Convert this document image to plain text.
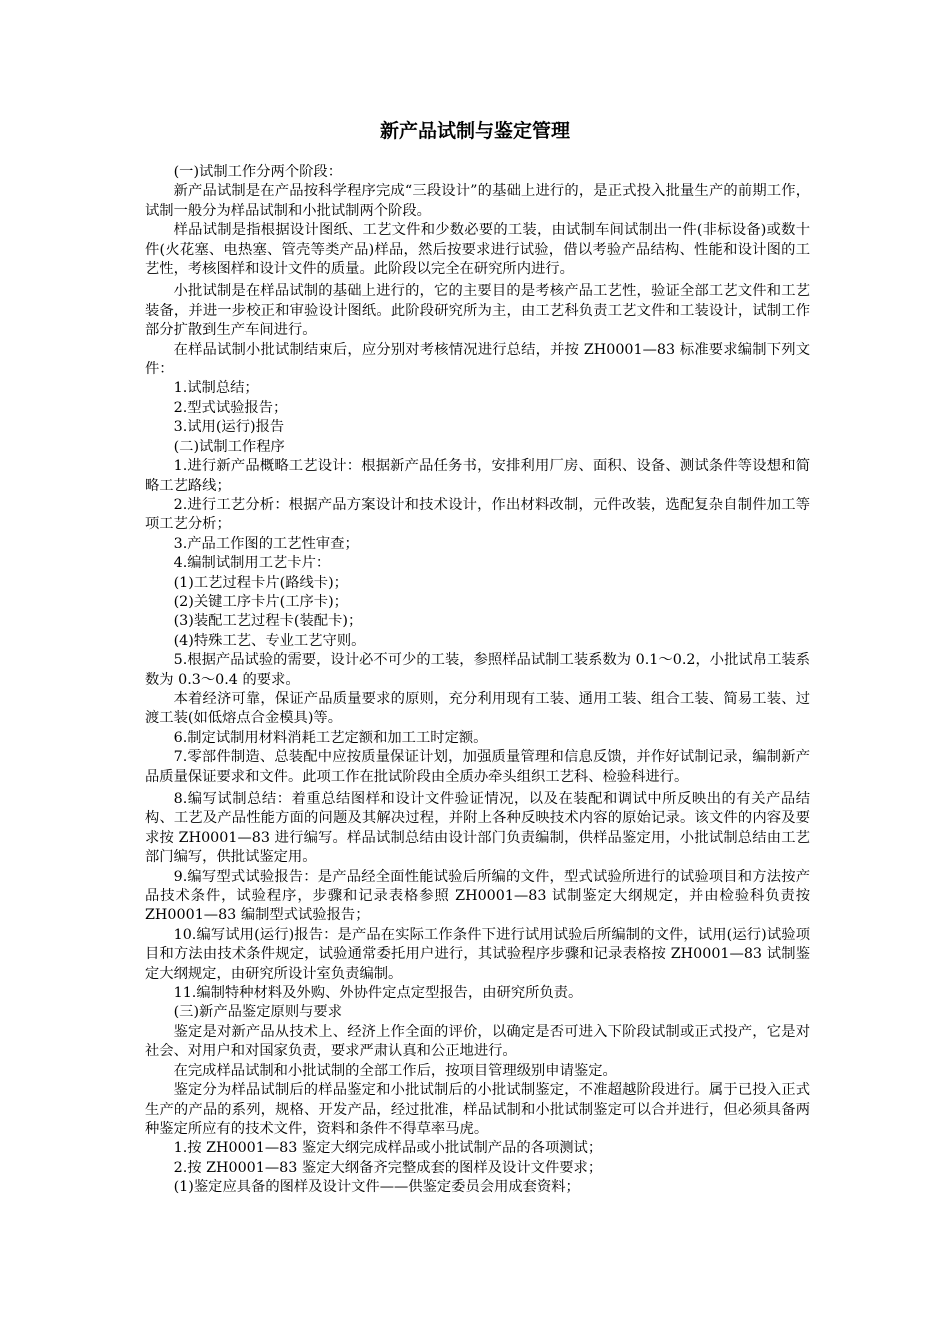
新产品试制与鉴定管理

(一)试制工作分两个阶段：

新产品试制是在产品按科学程序完成“三段设计”的基础上进行的，是正式投入批量生产的前期工作，试制一般分为样品试制和小批试制两个阶段。

样品试制是指根据设计图纸、工艺文件和少数必要的工装，由试制车间试制出一件(非标设备)或数十件(火花塞、电热塞、管壳等类产品)样品，然后按要求进行试验，借以考验产品结构、性能和设计图的工艺性，考核图样和设计文件的质量。此阶段以完全在研究所内进行。

小批试制是在样品试制的基础上进行的，它的主要目的是考核产品工艺性，验证全部工艺文件和工艺装备，并进一步校正和审验设计图纸。此阶段研究所为主，由工艺科负责工艺文件和工装设计，试制工作部分扩散到生产车间进行。

在样品试制小批试制结束后，应分别对考核情况进行总结，并按 ZH0001—83 标准要求编制下列文件：

1.试制总结；

2.型式试验报告；

3.试用(运行)报告

(二)试制工作程序

1.进行新产品概略工艺设计：根据新产品任务书，安排利用厂房、面积、设备、测试条件等设想和简略工艺路线；

2.进行工艺分析：根据产品方案设计和技术设计，作出材料改制，元件改装，选配复杂自制件加工等项工艺分析；

3.产品工作图的工艺性审查；

4.编制试制用工艺卡片：

(1)工艺过程卡片(路线卡)；

(2)关键工序卡片(工序卡)；

(3)装配工艺过程卡(装配卡)；

(4)特殊工艺、专业工艺守则。

5.根据产品试验的需要，设计必不可少的工装，参照样品试制工装系数为 0.1～0.2，小批试帛工装系数为 0.3～0.4 的要求。

本着经济可靠，保证产品质量要求的原则，充分利用现有工装、通用工装、组合工装、简易工装、过渡工装(如低熔点合金模具)等。

6.制定试制用材料消耗工艺定额和加工工时定额。

7.零部件制造、总装配中应按质量保证计划，加强质量管理和信息反馈，并作好试制记录，编制新产品质量保证要求和文件。此项工作在批试阶段由全质办牵头组织工艺科、检验科进行。

8.编写试制总结：着重总结图样和设计文件验证情况，以及在装配和调试中所反映出的有关产品结构、工艺及产品性能方面的问题及其解决过程，并附上各种反映技术内容的原始记录。该文件的内容及要求按 ZH0001—83 进行编写。样品试制总结由设计部门负责编制，供样品鉴定用，小批试制总结由工艺部门编写，供批试鉴定用。

9.编写型式试验报告：是产品经全面性能试验后所编的文件，型式试验所进行的试验项目和方法按产品技术条件，试验程序，步骤和记录表格参照 ZH0001—83 试制鉴定大纲规定，并由检验科负责按 ZH0001—83 编制型式试验报告；

10.编写试用(运行)报告：是产品在实际工作条件下进行试用试验后所编制的文件，试用(运行)试验项目和方法由技术条件规定，试验通常委托用户进行，其试验程序步骤和记录表格按 ZH0001—83 试制鉴定大纲规定，由研究所设计室负责编制。

11.编制特种材料及外购、外协件定点定型报告，由研究所负责。

(三)新产品鉴定原则与要求

鉴定是对新产品从技术上、经济上作全面的评价，以确定是否可进入下阶段试制或正式投产，它是对社会、对用户和对国家负责，要求严肃认真和公正地进行。

在完成样品试制和小批试制的全部工作后，按项目管理级别申请鉴定。

鉴定分为样品试制后的样品鉴定和小批试制后的小批试制鉴定，不准超越阶段进行。属于已投入正式生产的产品的系列，规格、开发产品，经过批准，样品试制和小批试制鉴定可以合并进行，但必须具备两种鉴定所应有的技术文件，资料和条件不得草率马虎。

1.按 ZH0001—83 鉴定大纲完成样品或小批试制产品的各项测试；

2.按 ZH0001—83 鉴定大纲备齐完整成套的图样及设计文件要求；

(1)鉴定应具备的图样及设计文件——供鉴定委员会用成套资料；
